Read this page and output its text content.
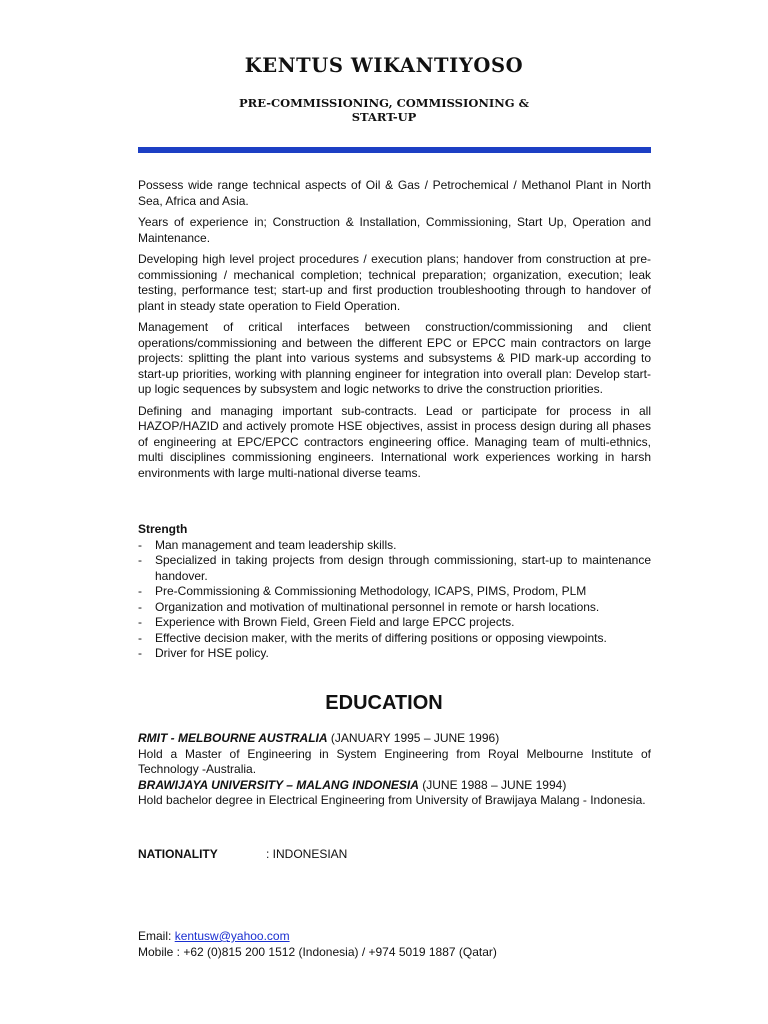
KENTUS WIKANTIYOSO
PRE-COMMISSIONING, COMMISSIONING &
START-UP

Possess wide range technical aspects of Oil & Gas / Petrochemical / Methanol Plant in North Sea, Africa and Asia.

Years of experience in; Construction & Installation, Commissioning, Start Up, Operation and Maintenance.

Developing high level project procedures / execution plans; handover from construction at pre-commissioning / mechanical completion; technical preparation; organization, execution; leak testing, performance test; start-up and first production troubleshooting through to handover of plant in steady state operation to Field Operation.

Management of critical interfaces between construction/commissioning and client operations/commissioning and between the different EPC or EPCC main contractors on large projects: splitting the plant into various systems and subsystems & PID mark-up according to start-up priorities, working with planning engineer for integration into overall plan: Develop start-up logic sequences by subsystem and logic networks to drive the construction priorities.

Defining and managing important sub-contracts. Lead or participate for process in all HAZOP/HAZID and actively promote HSE objectives, assist in process design during all phases of engineering at EPC/EPCC contractors engineering office. Managing team of multi-ethnics, multi disciplines commissioning engineers. International work experiences working in harsh environments with large multi-national diverse teams.

Strength
- Man management and team leadership skills.
- Specialized in taking projects from design through commissioning, start-up to maintenance handover.
- Pre-Commissioning & Commissioning Methodology, ICAPS, PIMS, Prodom, PLM
- Organization and motivation of multinational personnel in remote or harsh locations.
- Experience with Brown Field, Green Field and large EPCC projects.
- Effective decision maker, with the merits of differing positions or opposing viewpoints.
- Driver for HSE policy.
EDUCATION
RMIT - MELBOURNE AUSTRALIA (JANUARY 1995 – JUNE 1996)

Hold a Master of Engineering in System Engineering from Royal Melbourne Institute of Technology -Australia.

BRAWIJAYA UNIVERSITY – MALANG INDONESIA (JUNE 1988 – JUNE 1994)

Hold bachelor degree in Electrical Engineering from University of Brawijaya Malang - Indonesia.

NATIONALITY	: INDONESIAN
Email: kentusw@yahoo.com
Mobile : +62 (0)815 200 1512 (Indonesia) / +974 5019 1887 (Qatar)
